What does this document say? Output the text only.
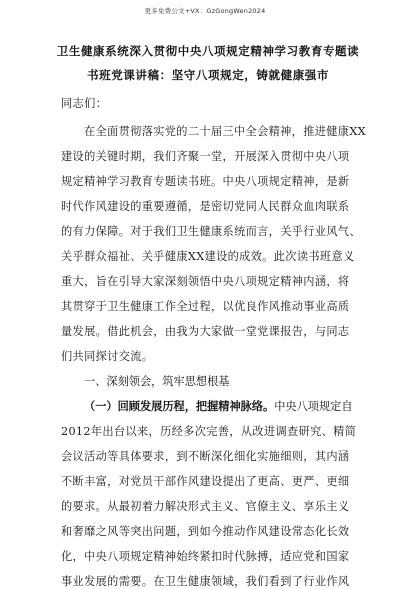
更多免费公文+VX：GzGongWen2024
卫生健康系统深入贯彻中央八项规定精神学习教育专题读
书班党课讲稿：坚守八项规定，铸就健康强市
同志们：
在全面贯彻落实党的二十届三中全会精神，推进健康XX
建设的关键时期，我们齐聚一堂，开展深入贯彻中央八项
规定精神学习教育专题读书班。中央八项规定精神，是新
时代作风建设的重要遵循，是密切党同人民群众血肉联系
的有力保障。对于我们卫生健康系统而言，关乎行业风气、
关乎群众福祉、关乎健康XX建设的成效。此次读书班意义
重大，旨在引导大家深刻领悟中央八项规定精神内涵，将
其贯穿于卫生健康工作全过程，以优良作风推动事业高质
量发展。借此机会，由我为大家做一堂党课报告，与同志
们共同探讨交流。
一、深刻领会，筑牢思想根基
（一）回顾发展历程，把握精神脉络。中央八项规定自
2012年出台以来，历经多次完善，从改进调查研究、精简
会议活动等具体要求，到不断深化细化实施细则，其内涵
不断丰富，对党员干部作风建设提出了更高、更严、更细
的要求。从最初着力解决形式主义、官僚主义、享乐主义
和奢靡之风等突出问题，到如今推动作风建设常态化长效
化，中央八项规定精神始终紧扣时代脉搏，适应党和国家
事业发展的需要。在卫生健康领域，我们看到了行业作风
